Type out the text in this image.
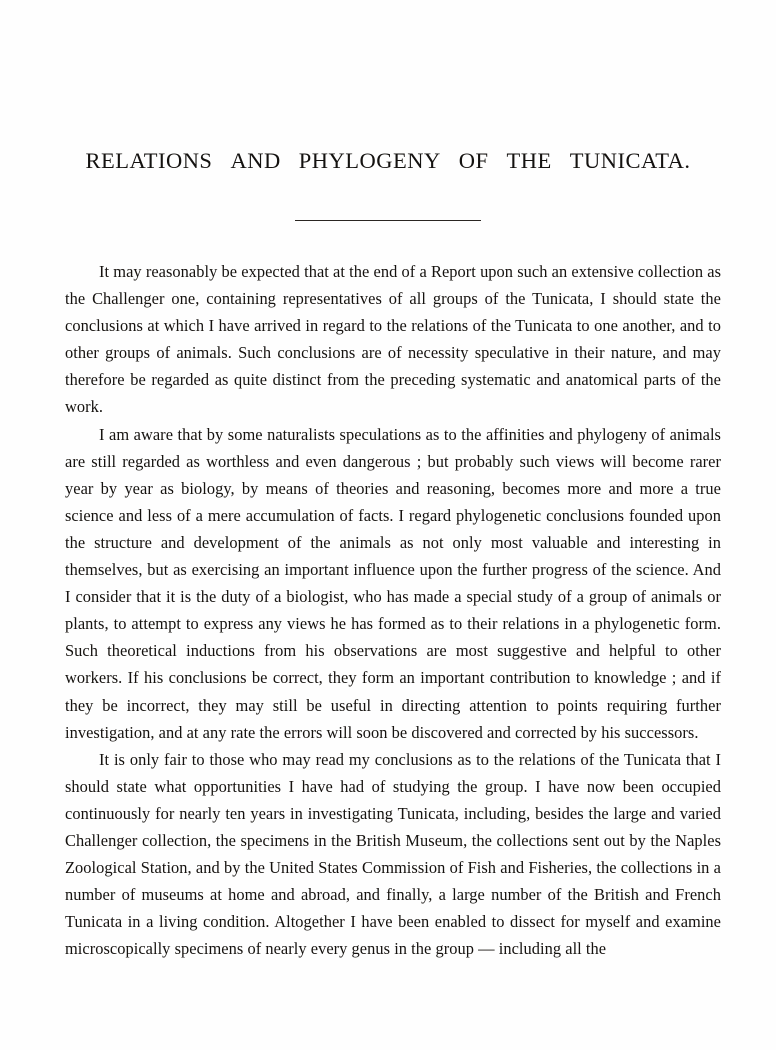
RELATIONS AND PHYLOGENY OF THE TUNICATA.

It may reasonably be expected that at the end of a Report upon such an extensive collection as the Challenger one, containing representatives of all groups of the Tunicata, I should state the conclusions at which I have arrived in regard to the relations of the Tunicata to one another, and to other groups of animals. Such conclusions are of necessity speculative in their nature, and may therefore be regarded as quite distinct from the preceding systematic and anatomical parts of the work.

I am aware that by some naturalists speculations as to the affinities and phylogeny of animals are still regarded as worthless and even dangerous ; but probably such views will become rarer year by year as biology, by means of theories and reasoning, becomes more and more a true science and less of a mere accumulation of facts. I regard phylogenetic conclusions founded upon the structure and development of the animals as not only most valuable and interesting in themselves, but as exercising an important influence upon the further progress of the science. And I consider that it is the duty of a biologist, who has made a special study of a group of animals or plants, to attempt to express any views he has formed as to their relations in a phylogenetic form. Such theoretical inductions from his observations are most suggestive and helpful to other workers. If his conclusions be correct, they form an important contribution to knowledge ; and if they be incorrect, they may still be useful in directing attention to points requiring further investigation, and at any rate the errors will soon be discovered and corrected by his successors.

It is only fair to those who may read my conclusions as to the relations of the Tunicata that I should state what opportunities I have had of studying the group. I have now been occupied continuously for nearly ten years in investigating Tunicata, including, besides the large and varied Challenger collection, the specimens in the British Museum, the collections sent out by the Naples Zoological Station, and by the United States Commission of Fish and Fisheries, the collections in a number of museums at home and abroad, and finally, a large number of the British and French Tunicata in a living condition. Altogether I have been enabled to dissect for myself and examine microscopically specimens of nearly every genus in the group — including all the
